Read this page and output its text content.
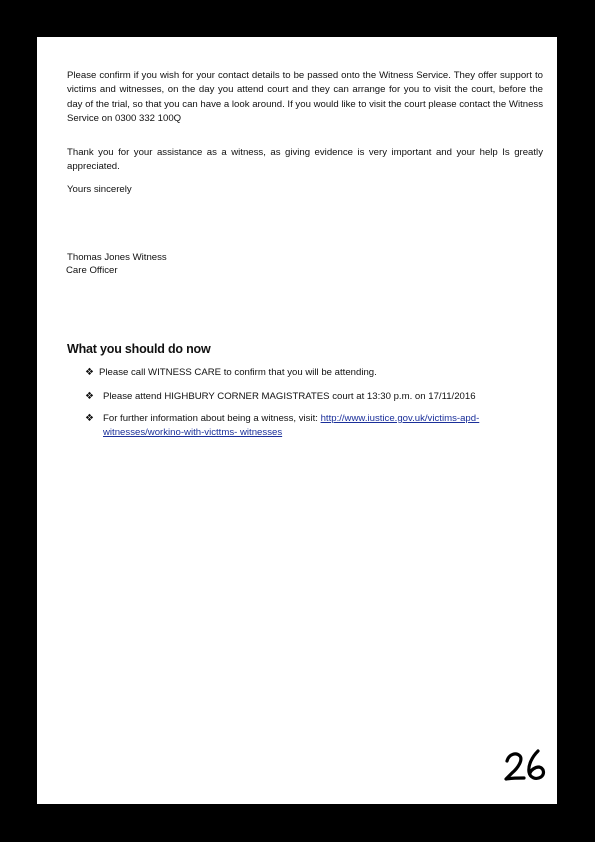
Please confirm if you wish for your contact details to be passed onto the Witness Service. They offer support to victims and witnesses, on the day you attend court and they can arrange for you to visit the court, before the day of the trial, so that you can have a look around. If you would like to visit the court please contact the Witness Service on 0300 332 100Q

Thank you for your assistance as a witness, as giving evidence is very important and your help Is greatly appreciated.

Yours sincerely

Thomas Jones Witness

Care Officer

What you should do now
❖ Please call WITNESS CARE to confirm that you will be attending.
❖ Please attend HIGHBURY CORNER MAGISTRATES court at 13:30 p.m. on 17/11/2016
❖ For further information about being a witness, visit: http://www.iustice.gov.uk/victims-apd-witnesses/workino-with-victtms- witnesses
